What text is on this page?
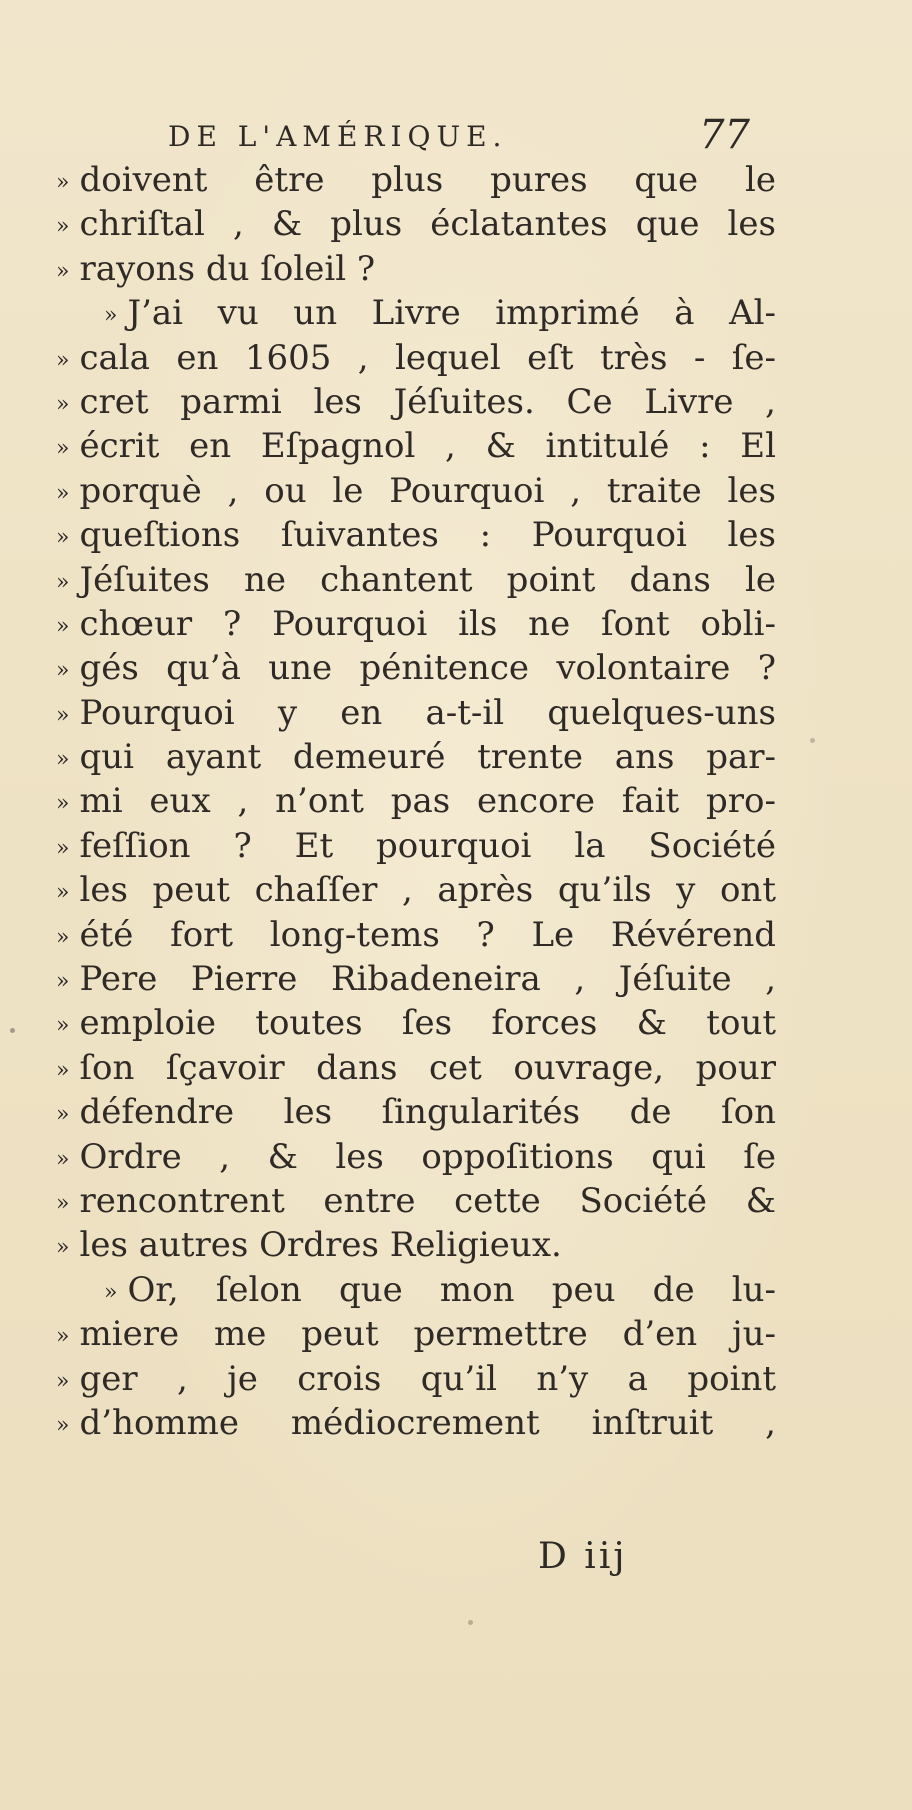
DE L'AMÉRIQUE.	77
» doivent être plus pures que le
» chriſtal , & plus éclatantes que les
» rayons du ſoleil ?
» J’ai vu un Livre imprimé à Al-
» cala en 1605 , lequel eſt très - ſe-
» cret parmi les Jéſuites. Ce Livre ,
» écrit en Eſpagnol , & intitulé : El
» porquè , ou le Pourquoi , traite les
» queſtions ſuivantes : Pourquoi les
» Jéſuites ne chantent point dans le
» chœur ? Pourquoi ils ne ſont obli-
» gés qu’à une pénitence volontaire ?
» Pourquoi y en a-t-il quelques-uns
» qui ayant demeuré trente ans par-
» mi eux , n’ont pas encore fait pro-
» feſſion ? Et pourquoi la Société
» les peut chaſſer , après qu’ils y ont
» été fort long-tems ? Le Révérend
» Pere Pierre Ribadeneira , Jéſuite ,
» emploie toutes ſes forces & tout
» ſon ſçavoir dans cet ouvrage, pour
» défendre les ſingularités de ſon
» Ordre , & les oppoſitions qui ſe
» rencontrent entre cette Société &
» les autres Ordres Religieux.
» Or, ſelon que mon peu de lu-
» miere me peut permettre d’en ju-
» ger , je crois qu’il n’y a point
» d’homme médiocrement inſtruit ,
D iij
